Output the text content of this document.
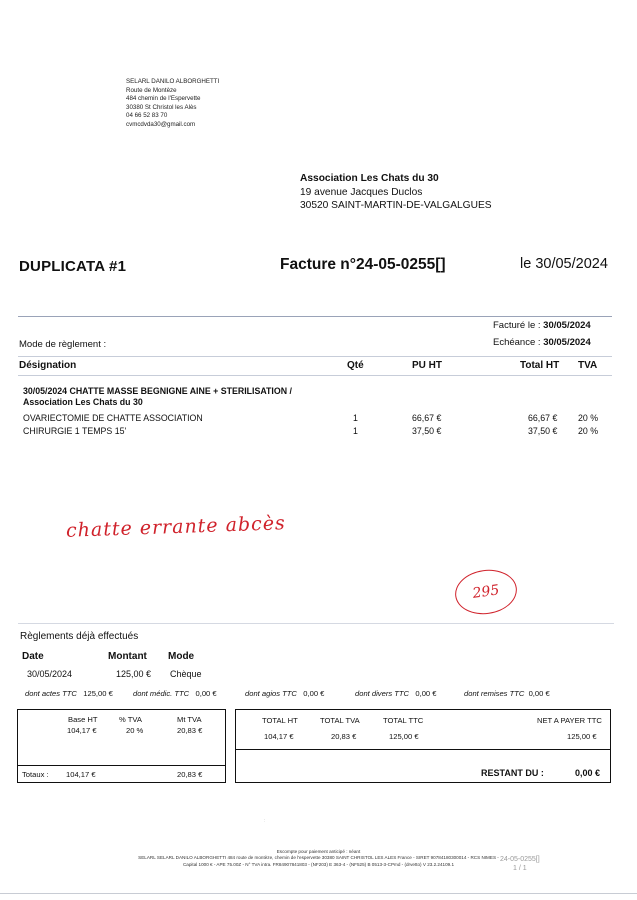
SELARL DANILO ALBORGHETTI
Route de Montèze
484 chemin de l'Espervette
30380 St Christol les Alès
04 66 52 83 70
cvmcdvda30@gmail.com
Association Les Chats du 30
19 avenue Jacques Duclos
30520 SAINT-MARTIN-DE-VALGALGUES
DUPLICATA #1	Facture n°24-05-0255[]	le 30/05/2024
Facturé le : 30/05/2024
Mode de règlement :	Echéance : 30/05/2024
Désignation	Qté	PU HT	Total HT TVA
30/05/2024 CHATTE MASSE BEGNIGNE AINE + STERILISATION /
Association Les Chats du 30
OVARIECTOMIE DE CHATTE ASSOCIATION	1	66,67 €	66,67 € 20 %
CHIRURGIE 1 TEMPS 15'	1	37,50 €	37,50 € 20 %
chatte errante abcès
295
Règlements déjà effectués
Date	Montant Mode
30/05/2024	125,00 € Chèque
dont actes TTC 125,00 €	dont médic. TTC 0,00 €	dont agios TTC 0,00 €	dont divers TTC 0,00 €	dont remises TTC 0,00 €
Base HT	% TVA	Mt TVA
104,17 €	20 %	20,83 €
Totaux : 104,17 €	20,83 €
TOTAL HT	TOTAL TVA	TOTAL TTC	NET A PAYER TTC
104,17 €	20,83 €	125,00 €	125,00 €
RESTANT DU :	0,00 €
:
Escompte pour paiement anticipé : néant
SELARL SELARL DANILO ALBORGHETTI 484 route de montèze, chemin de l'espervette 30380 SAINT CHRISTOL LES ALES France - SIRET 90784180300014 - RCS NIMES -
Capital 1000 € - APE 75.00Z - N° TVA intra. FR84907841803 - (NF203) E 363-4 - (NF525) B 0513-3-CPmd - (drvetto) V 23.2.24109.1
24-05-0255[]
1 / 1
